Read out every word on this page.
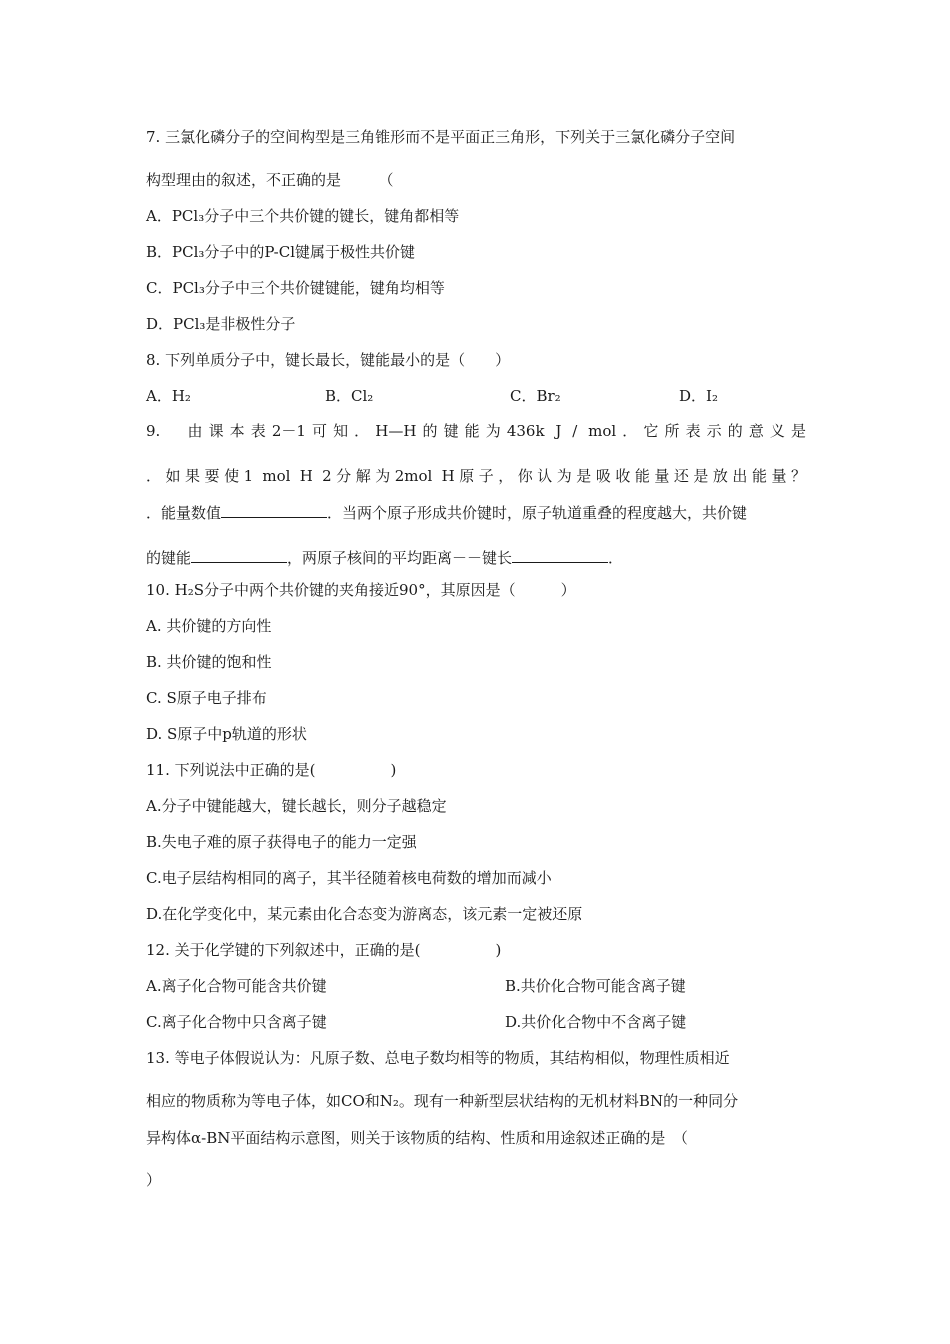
7. 三氯化磷分子的空间构型是三角锥形而不是平面正三角形，下列关于三氯化磷分子空间
构型理由的叙述，不正确的是　　　（
A．PCl₃分子中三个共价键的键长，键角都相等
B．PCl₃分子中的P-Cl键属于极性共价键
C．PCl₃分子中三个共价键键能，键角均相等
D．PCl₃是非极性分子
8. 下列单质分子中，键长最长，键能最小的是（　　）
A．H₂	B．Cl₂	C．Br₂	D．I₂
9.　由课本表2－1可知．H—H的键能为436k J / mol．它所表示的意义是
．如果要使1 mol H 2分解为2mol H原子，你认为是吸收能量还是放出能量？
．能量数值	．当两个原子形成共价键时，原子轨道重叠的程度越大，共价键
的键能	，两原子核间的平均距离－－键长	．
10. H₂S分子中两个共价键的夹角接近90°，其原因是（　　　）
A. 共价键的方向性
B. 共价键的饱和性
C. S原子电子排布
D. S原子中p轨道的形状
11. 下列说法中正确的是(　　　　　)
A.分子中键能越大，键长越长，则分子越稳定
B.失电子难的原子获得电子的能力一定强
C.电子层结构相同的离子，其半径随着核电荷数的增加而减小
D.在化学变化中，某元素由化合态变为游离态，该元素一定被还原
12. 关于化学键的下列叙述中，正确的是(　　　　　)
A.离子化合物可能含共价键	B.共价化合物可能含离子键
C.离子化合物中只含离子键	D.共价化合物中不含离子键
13. 等电子体假说认为：凡原子数、总电子数均相等的物质，其结构相似，物理性质相近
相应的物质称为等电子体，如CO和N₂。现有一种新型层状结构的无机材料BN的一种同分
异构体α-BN平面结构示意图，则关于该物质的结构、性质和用途叙述正确的是　（
）
